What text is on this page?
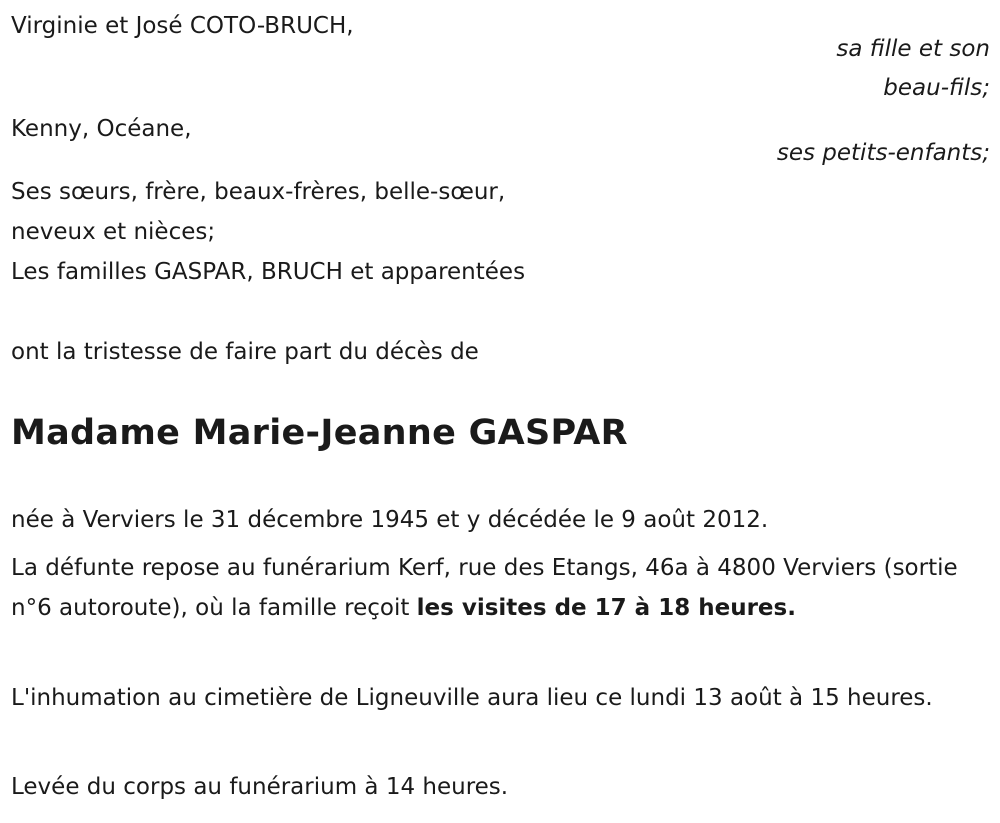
Virginie et José COTO-BRUCH,
sa fille et son
beau-fils;
Kenny, Océane,
ses petits-enfants;
Ses sœurs, frère, beaux-frères, belle-sœur,
neveux et nièces;
Les familles GASPAR, BRUCH et apparentées
ont la tristesse de faire part du décès de
Madame Marie-Jeanne GASPAR
née à Verviers le 31 décembre 1945 et y décédée le 9 août 2012.
La défunte repose au funérarium Kerf, rue des Etangs, 46a à 4800 Verviers (sortie n°6 autoroute), où la famille reçoit les visites de 17 à 18 heures.
L'inhumation au cimetière de Ligneuville aura lieu ce lundi 13 août à 15 heures.
Levée du corps au funérarium à 14 heures.
